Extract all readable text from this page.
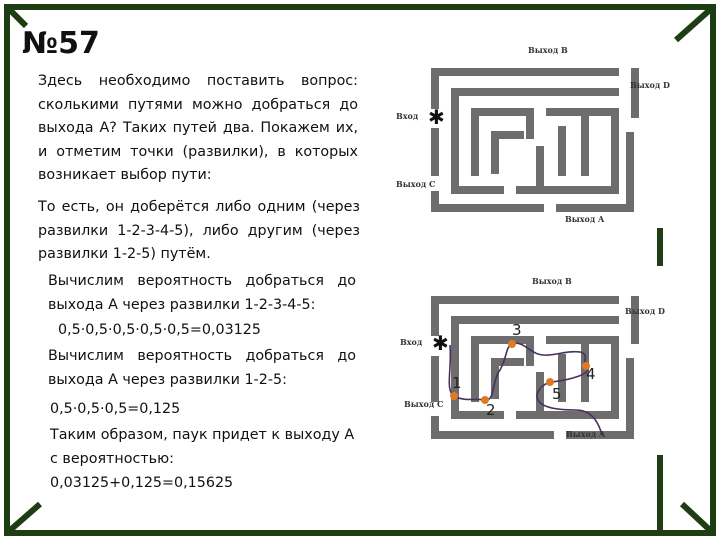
№57
Здесь необходимо поставить вопрос: сколькими путями можно добраться до выхода А? Таких путей два. Покажем их, и отметим точки (развилки), в которых возникает выбор пути:
То есть, он доберётся либо одним (через развилки 1-2-3-4-5), либо другим (через развилки 1-2-5) путём.
Вычислим вероятность добраться до выхода А через развилки 1-2-3-4-5:
0,5·0,5·0,5·0,5·0,5=0,03125
Вычислим вероятность добраться до выхода А через развилки 1-2-5:
0,5·0,5·0,5=0,125
Таким образом, паук придет к выходу А с вероятностью:
0,03125+0,125=0,15625
Выход B
Выход D
Вход
Выход C
Выход A
✱
1
2
3
4
5
Выход B
Выход D
Вход
Выход C
Выход A
✱
